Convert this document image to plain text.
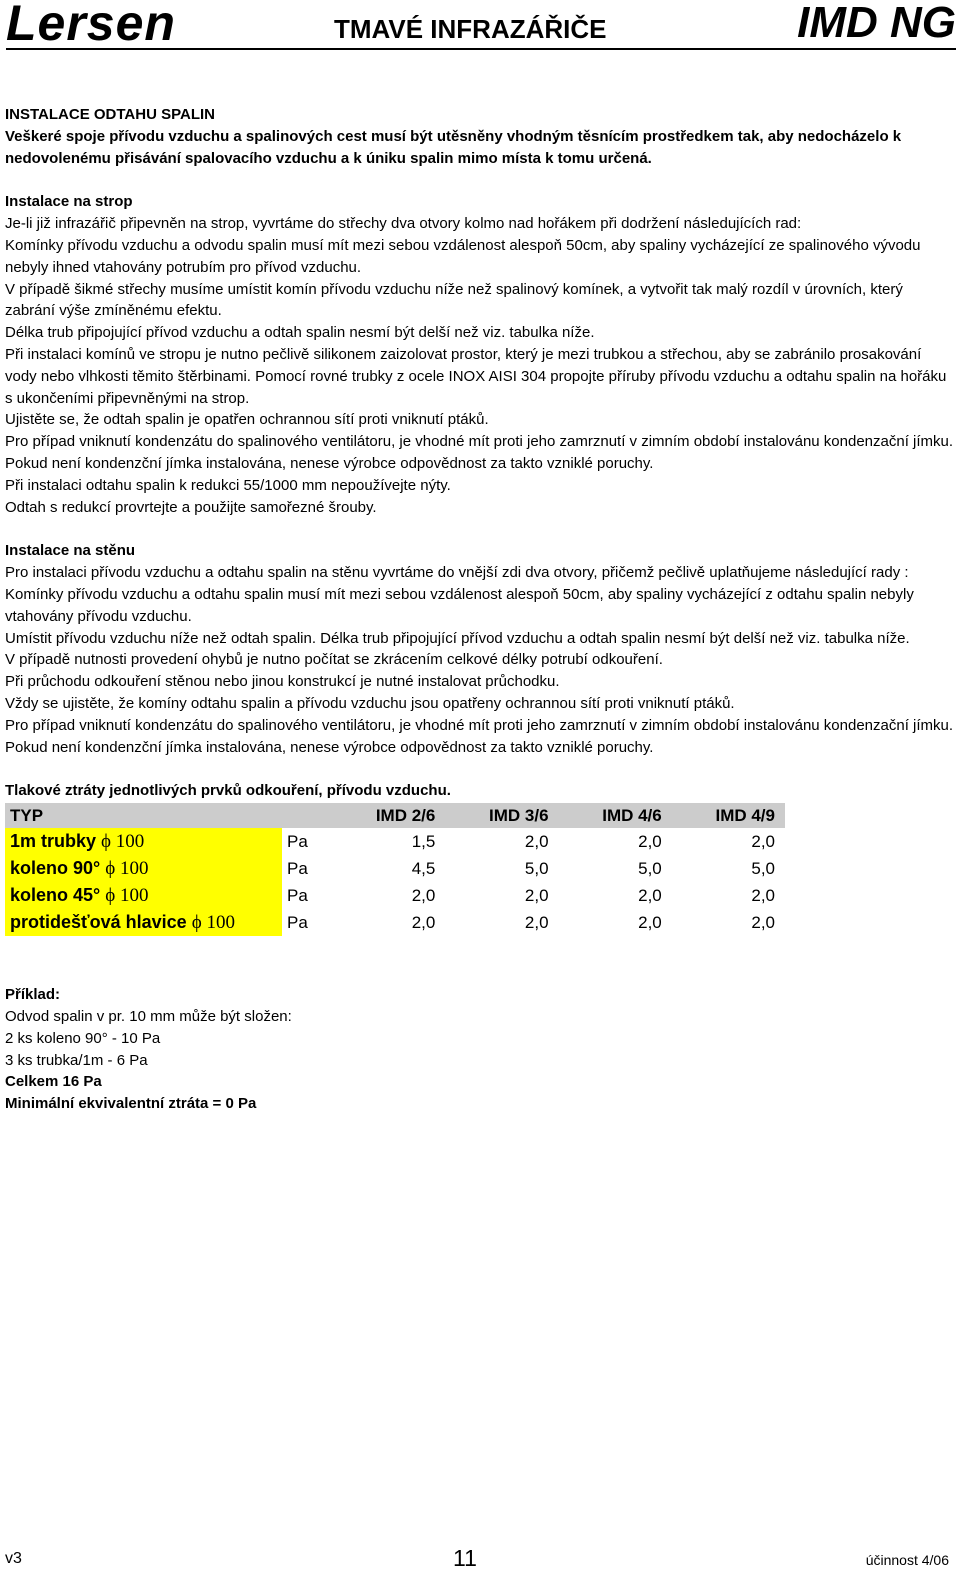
Lersen	TMAVÉ INFRAZÁŘIČE	IMD NG

INSTALACE ODTAHU SPALIN

Veškeré spoje přívodu vzduchu a spalinových cest musí být utěsněny vhodným těsnícím prostředkem tak, aby nedocházelo k nedovolenému přisávání spalovacího vzduchu a k úniku spalin mimo místa k tomu určená.

Instalace na strop

Je-li již infrazářič připevněn na strop, vyvrtáme do střechy dva otvory kolmo nad hořákem při dodržení následujících rad:

Komínky přívodu vzduchu a odvodu spalin musí mít mezi sebou vzdálenost alespoň 50cm, aby spaliny vycházející ze spalinového vývodu nebyly ihned vtahovány potrubím pro přívod vzduchu.

V případě šikmé střechy musíme umístit komín přívodu vzduchu níže než spalinový komínek, a vytvořit tak malý rozdíl v úrovních, který zabrání výše zmíněnému efektu.

Délka trub připojující přívod vzduchu a odtah spalin nesmí být delší než viz. tabulka níže.

Při instalaci komínů ve stropu je nutno pečlivě silikonem zaizolovat prostor, který je mezi trubkou a střechou, aby se zabránilo prosakování vody nebo vlhkosti těmito štěrbinami. Pomocí rovné trubky z ocele INOX AISI 304 propojte příruby přívodu vzduchu a odtahu spalin na hořáku s ukončeními připevněnými na strop.

Ujistěte se, že odtah spalin je opatřen ochrannou sítí proti vniknutí ptáků.

Pro případ vniknutí kondenzátu do spalinového ventilátoru, je vhodné mít proti jeho zamrznutí v zimním období instalovánu kondenzační jímku. Pokud není kondenzční jímka instalována, nenese výrobce odpovědnost za takto vzniklé poruchy.

Při instalaci odtahu spalin k redukci 55/1000 mm nepoužívejte nýty.

Odtah s redukcí provrtejte a použijte samořezné šrouby.

Instalace na stěnu

Pro instalaci přívodu vzduchu a odtahu spalin na stěnu vyvrtáme do vnější zdi dva otvory, přičemž pečlivě uplatňujeme následující rady :

Komínky přívodu vzduchu a odtahu spalin musí mít mezi sebou vzdálenost alespoň 50cm, aby spaliny vycházející z odtahu spalin nebyly vtahovány přívodu vzduchu.

Umístit přívodu vzduchu níže než odtah spalin. Délka trub připojující přívod vzduchu a odtah spalin nesmí být delší než viz. tabulka níže.

V případě nutnosti provedení ohybů je nutno počítat se zkrácením celkové délky potrubí odkouření.

Při průchodu odkouření stěnou nebo jinou konstrukcí je nutné instalovat průchodku.

Vždy se ujistěte, že komíny odtahu spalin a přívodu vzduchu jsou opatřeny ochrannou sítí proti vniknutí ptáků.

Pro případ vniknutí kondenzátu do spalinového ventilátoru, je vhodné mít proti jeho zamrznutí v zimním období instalovánu kondenzační jímku. Pokud není kondenzční jímka instalována, nenese výrobce odpovědnost za takto vzniklé poruchy.

Tlakové ztráty jednotlivých prvků odkouření, přívodu vzduchu.

TYP		IMD 2/6	IMD 3/6	IMD 4/6	IMD 4/9
1m trubky ϕ 100	Pa	1,5	2,0	2,0	2,0
koleno 90° ϕ 100	Pa	4,5	5,0	5,0	5,0
koleno 45° ϕ 100	Pa	2,0	2,0	2,0	2,0
protidešťová hlavice ϕ 100	Pa	2,0	2,0	2,0	2,0

Příklad:

Odvod spalin v pr. 10 mm může být složen:

2 ks koleno 90° - 10 Pa

3 ks trubka/1m - 6 Pa

Celkem 16 Pa

Minimální ekvivalentní ztráta = 0 Pa

v3	11	účinnost 4/06
